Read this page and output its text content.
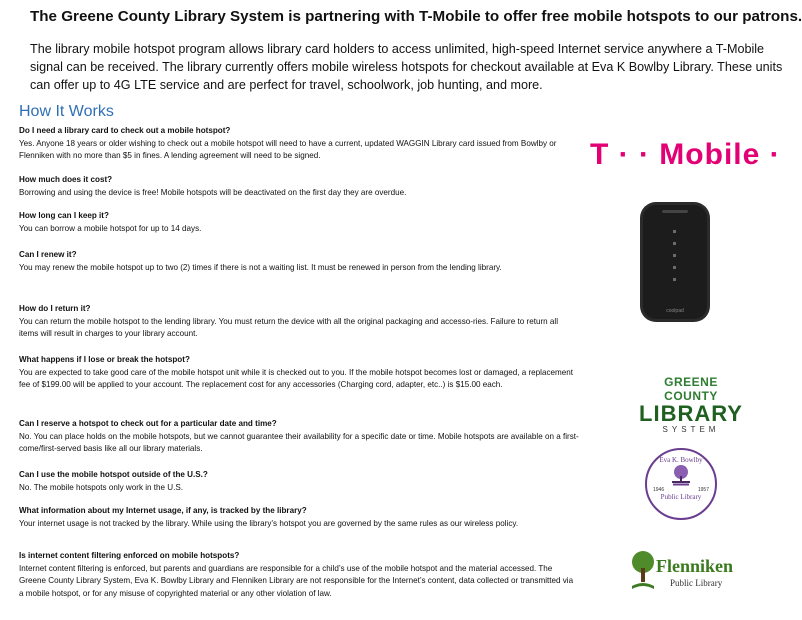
The Greene County Library System is partnering with T-Mobile to offer free mobile hotspots to our patrons.
The library mobile hotspot program allows library card holders to access unlimited, high-speed Internet service anywhere a T-Mobile signal can be received. The library currently offers mobile wireless hotspots for checkout available at Eva K Bowlby Library. These units can offer up to 4G LTE service and are perfect for travel, schoolwork, job hunting, and more.
How It Works
Do I need a library card to check out a mobile hotspot?
Yes. Anyone 18 years or older wishing to check out a mobile hotspot will need to have a current, updated WAGGIN Library card issued from Bowlby or Flenniken with no more than $5 in fines. A lending agreement will need to be signed.
How much does it cost?
Borrowing and using the device is free! Mobile hotspots will be deactivated on the first day they are overdue.
How long can I keep it?
You can borrow a mobile hotspot for up to 14 days.
Can I renew it?
You may renew the mobile hotspot up to two (2) times if there is not a waiting list. It must be renewed in person from the lending library.
How do I return it?
You can return the mobile hotspot to the lending library. You must return the device with all the original packaging and accesso-ries. Failure to return all items will result in charges to your library account.
What happens if I lose or break the hotspot?
You are expected to take good care of the mobile hotspot unit while it is checked out to you. If the mobile hotspot becomes lost or damaged, a replacement fee of $199.00 will be applied to your account. The replacement cost for any accessories (Charging cord, adapter, etc..) is $15.00 each.
Can I reserve a hotspot to check out for a particular date and time?
No. You can place holds on the mobile hotspots, but we cannot guarantee their availability for a specific date or time. Mobile hotspots are available on a first-come/first-served basis like all our library materials.
Can I use the mobile hotspot outside of the U.S.?
No. The mobile hotspots only work in the U.S.
What information about my Internet usage, if any, is tracked by the library?
Your internet usage is not tracked by the library. While using the library’s hotspot you are governed by the same rules as our wireless policy.
Is internet content filtering enforced on mobile hotspots?
Internet content filtering is enforced, but parents and guardians are responsible for a child’s use of the mobile hotspot and the material accessed. The Greene County Library System, Eva K. Bowlby Library and Flenniken Library are not responsible for the Internet’s content, data collected or transmitted via a mobile hotspot, or for any misuse of copyrighted material or any other violation of law.
T · · Mobile ·
coolpad
GREENE COUNTY
LIBRARY
SYSTEM
Eva K. Bowlby
1946	1957
Public Library
Flenniken
Public Library
